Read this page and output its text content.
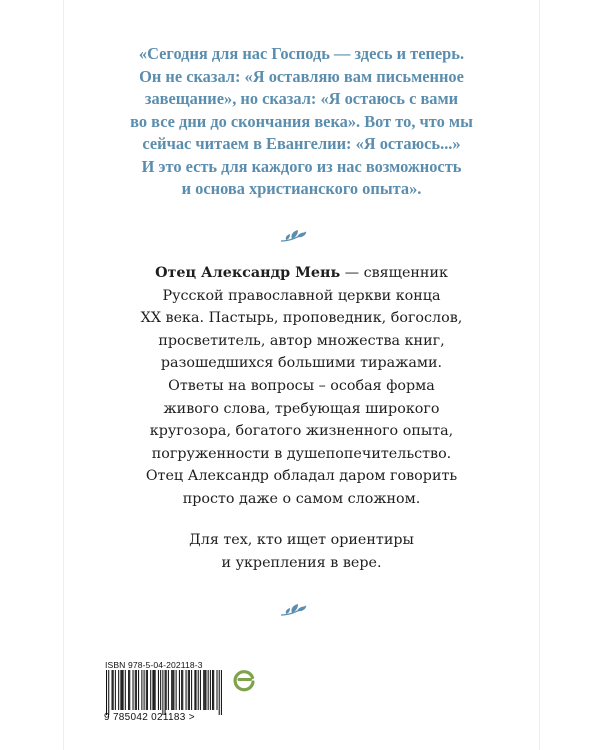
«Сегодня для нас Господь — здесь и теперь.
Он не сказал: «Я оставляю вам письменное
завещание», но сказал: «Я остаюсь с вами
во все дни до скончания века». Вот то, что мы
сейчас читаем в Евангелии: «Я остаюсь...»
И это есть для каждого из нас возможность
и основа христианского опыта».
Отец Александр Мень — священник
Русской православной церкви конца
XX века. Пастырь, проповедник, богослов,
просветитель, автор множества книг,
разошедшихся большими тиражами.
Ответы на вопросы – особая форма
живого слова, требующая широкого
кругозора, богатого жизненного опыта,
погруженности в душепопечительство.
Отец Александр обладал даром говорить
просто даже о самом сложном.
Для тех, кто ищет ориентиры
и укрепления в вере.
ISBN 978-5-04-202118-3
9 785042 021183 >
